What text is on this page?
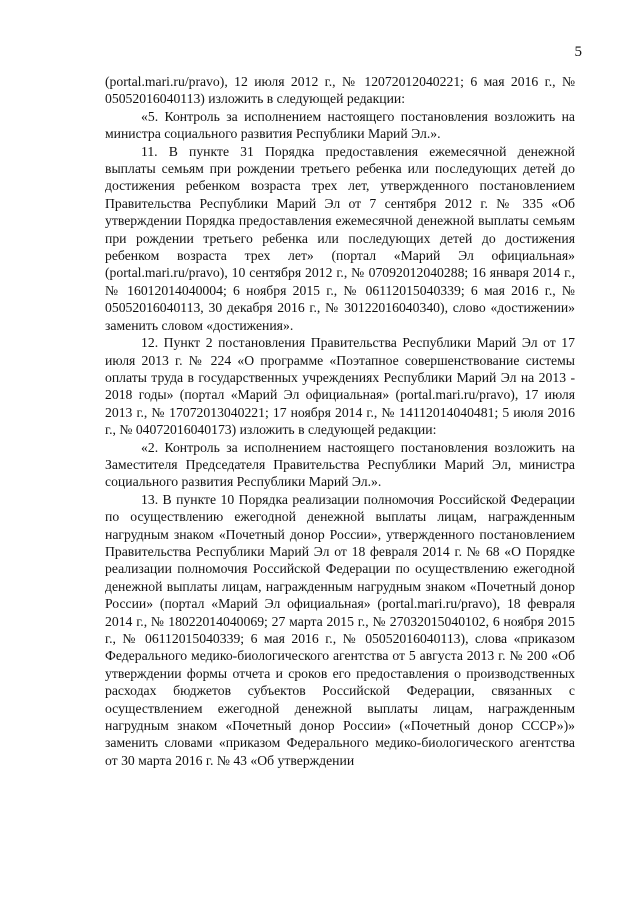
5

(portal.mari.ru/pravo), 12 июля 2012 г., № 12072012040221; 6 мая 2016 г., № 05052016040113) изложить в следующей редакции:

«5. Контроль за исполнением настоящего постановления возложить на министра социального развития Республики Марий Эл.».

11. В пункте 31 Порядка предоставления ежемесячной денежной выплаты семьям при рождении третьего ребенка или последующих детей до достижения ребенком возраста трех лет, утвержденного постановлением Правительства Республики Марий Эл от 7 сентября 2012 г. № 335 «Об утверждении Порядка предоставления ежемесячной денежной выплаты семьям при рождении третьего ребенка или последующих детей до достижения ребенком возраста трех лет» (портал «Марий Эл официальная» (portal.mari.ru/pravo), 10 сентября 2012 г., № 07092012040288; 16 января 2014 г., № 16012014040004; 6 ноября 2015 г., № 06112015040339; 6 мая 2016 г., № 05052016040113, 30 декабря 2016 г., № 30122016040340), слово «достижении» заменить словом «достижения».

12. Пункт 2 постановления Правительства Республики Марий Эл от 17 июля 2013 г. № 224 «О программе «Поэтапное совершенствование системы оплаты труда в государственных учреждениях Республики Марий Эл на 2013 - 2018 годы» (портал «Марий Эл официальная» (portal.mari.ru/pravo), 17 июля 2013 г., № 17072013040221; 17 ноября 2014 г., № 14112014040481; 5 июля 2016 г., № 04072016040173) изложить в следующей редакции:

«2. Контроль за исполнением настоящего постановления возложить на Заместителя Председателя Правительства Республики Марий Эл, министра социального развития Республики Марий Эл.».

13. В пункте 10 Порядка реализации полномочия Российской Федерации по осуществлению ежегодной денежной выплаты лицам, награжденным нагрудным знаком «Почетный донор России», утвержденного постановлением Правительства Республики Марий Эл от 18 февраля 2014 г. № 68 «О Порядке реализации полномочия Российской Федерации по осуществлению ежегодной денежной выплаты лицам, награжденным нагрудным знаком «Почетный донор России» (портал «Марий Эл официальная» (portal.mari.ru/pravo), 18 февраля 2014 г., № 18022014040069; 27 марта 2015 г., № 27032015040102, 6 ноября 2015 г., № 06112015040339; 6 мая 2016 г., № 05052016040113), слова «приказом Федерального медико-биологического агентства от 5 августа 2013 г. № 200 «Об утверждении формы отчета и сроков его предоставления о производственных расходах бюджетов субъектов Российской Федерации, связанных с осуществлением ежегодной денежной выплаты лицам, награжденным нагрудным знаком «Почетный донор России» («Почетный донор СССР»)» заменить словами «приказом Федерального медико-биологического агентства от 30 марта 2016 г. № 43 «Об утверждении
